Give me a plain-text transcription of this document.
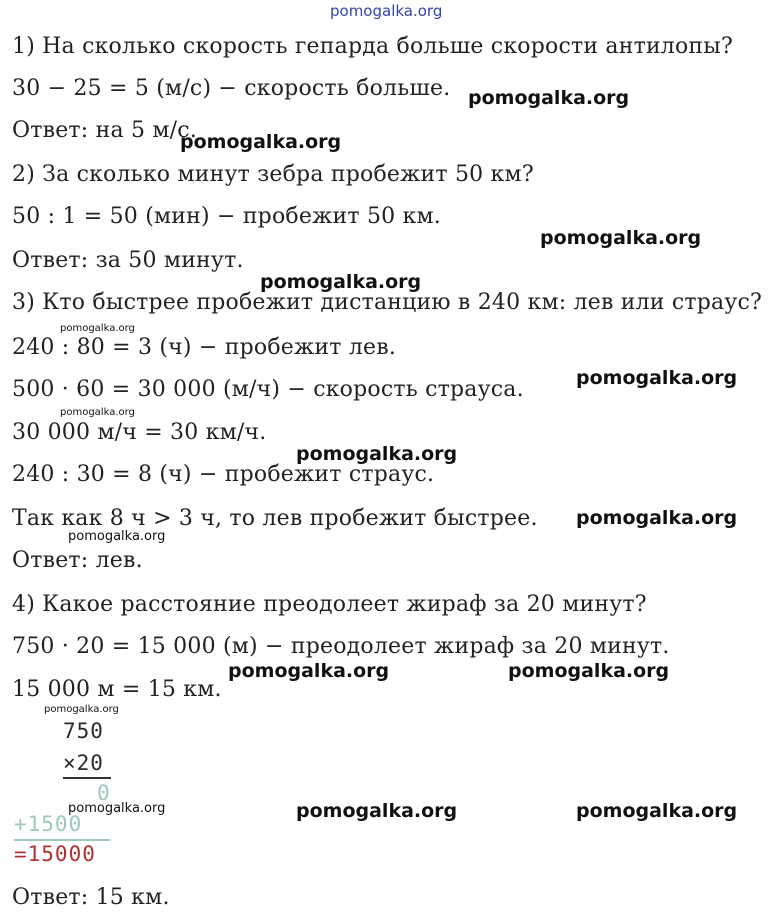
pomogalka.org
1) На сколько скорость гепарда больше скорости антилопы?
30 − 25 = 5 (м/с) − скорость больше.
Ответ: на 5 м/с.
2) За сколько минут зебра пробежит 50 км?
50 : 1 = 50 (мин) − пробежит 50 км.
Ответ: за 50 минут.
3) Кто быстрее пробежит дистанцию в 240 км: лев или страус?
240 : 80 = 3 (ч) − пробежит лев.
500 · 60 = 30 000 (м/ч) − скорость страуса.
30 000 м/ч = 30 км/ч.
240 : 30 = 8 (ч) − пробежит страус.
Так как 8 ч > 3 ч, то лев пробежит быстрее.
Ответ: лев.
4) Какое расстояние преодолеет жираф за 20 минут?
750 · 20 = 15 000 (м) − преодолеет жираф за 20 минут.
15 000 м = 15 км.
Ответ: 15 км.
750
×20
0
+1500
=15000
pomogalka.org
pomogalka.org
pomogalka.org
pomogalka.org
pomogalka.org
pomogalka.org
pomogalka.org
pomogalka.org	pomogalka.org
pomogalka.org	pomogalka.org
pomogalka.org
pomogalka.org
pomogalka.org
pomogalka.org
pomogalka.org
